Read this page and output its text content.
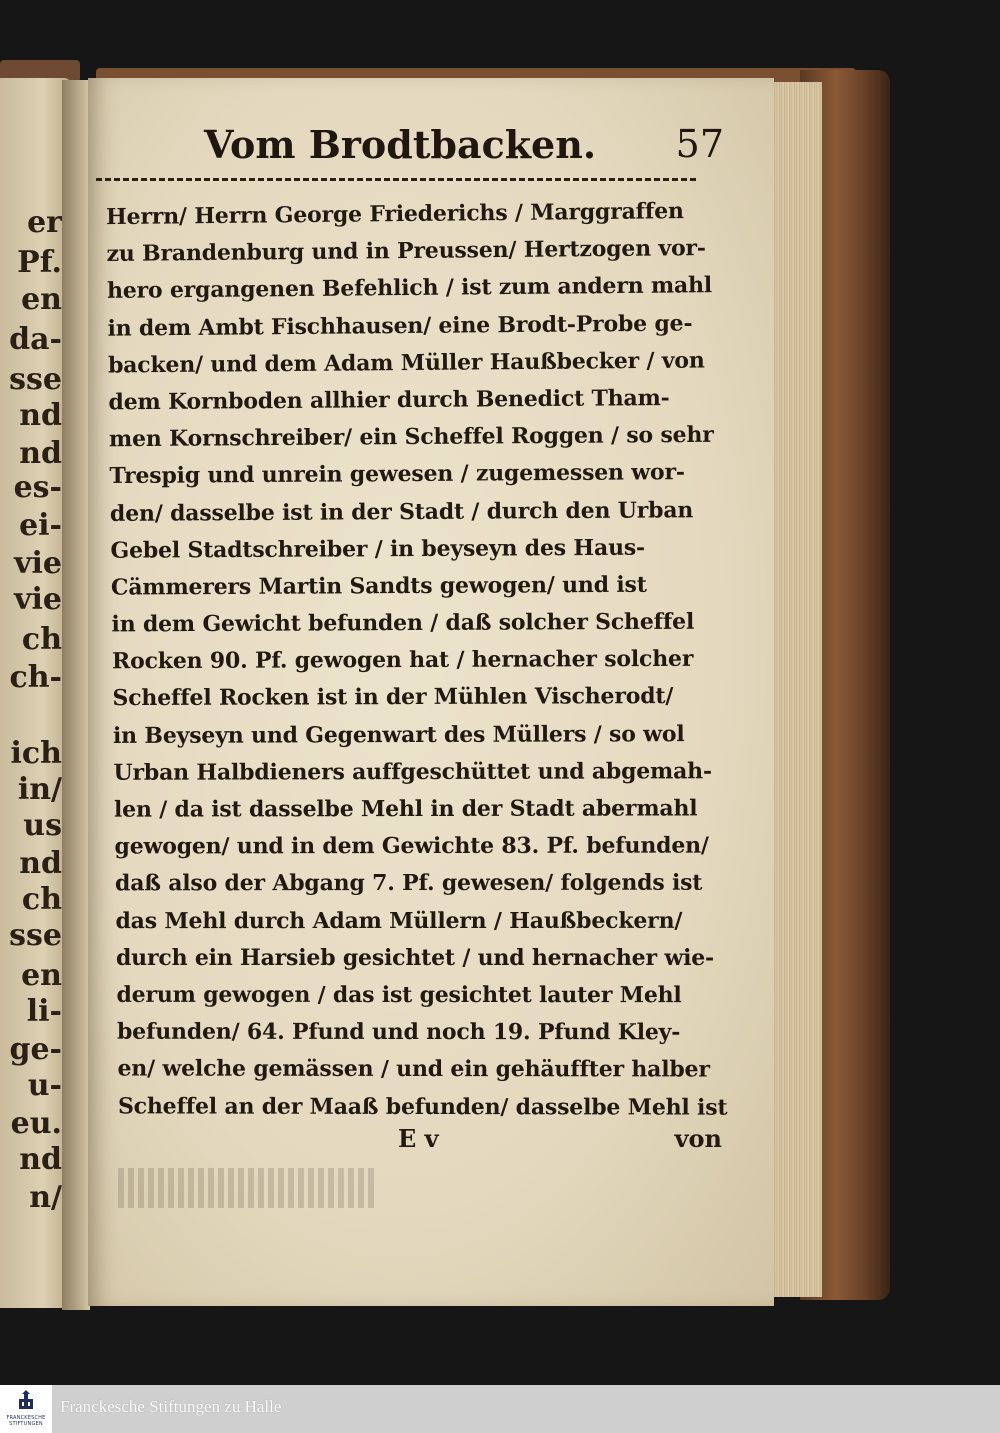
er
Pf.
en
da-
sse
nd
nd
es-
ei-
vie
vie
ch
ch-
ich
in/
us
nd
ch
sse
en
li-
ge-
u-
eu.
nd
n/
Vom Brodtbacken. 57
Herrn/ Herrn George Friederichs / Marggraffen
zu Brandenburg und in Preussen/ Hertzogen vor-
hero ergangenen Befehlich / ist zum andern mahl
in dem Ambt Fischhausen/ eine Brodt-Probe ge-
backen/ und dem Adam Müller Haußbecker / von
dem Kornboden allhier durch Benedict Tham-
men Kornschreiber/ ein Scheffel Roggen / so sehr
Trespig und unrein gewesen / zugemessen wor-
den/ dasselbe ist in der Stadt / durch den Urban
Gebel Stadtschreiber / in beyseyn des Haus-
Cämmerers Martin Sandts gewogen/ und ist
in dem Gewicht befunden / daß solcher Scheffel
Rocken 90. Pf. gewogen hat / hernacher solcher
Scheffel Rocken ist in der Mühlen Vischerodt/
in Beyseyn und Gegenwart des Müllers / so wol
Urban Halbdieners auffgeschüttet und abgemah-
len / da ist dasselbe Mehl in der Stadt abermahl
gewogen/ und in dem Gewichte 83. Pf. befunden/
daß also der Abgang 7. Pf. gewesen/ folgends ist
das Mehl durch Adam Müllern / Haußbeckern/
durch ein Harsieb gesichtet / und hernacher wie-
derum gewogen / das ist gesichtet lauter Mehl
befunden/ 64. Pfund und noch 19. Pfund Kley-
en/ welche gemässen / und ein gehäuffter halber
Scheffel an der Maaß befunden/ dasselbe Mehl ist
E v	von
FRANCKESCHE STIFTUNGEN
Franckesche Stiftungen zu Halle
